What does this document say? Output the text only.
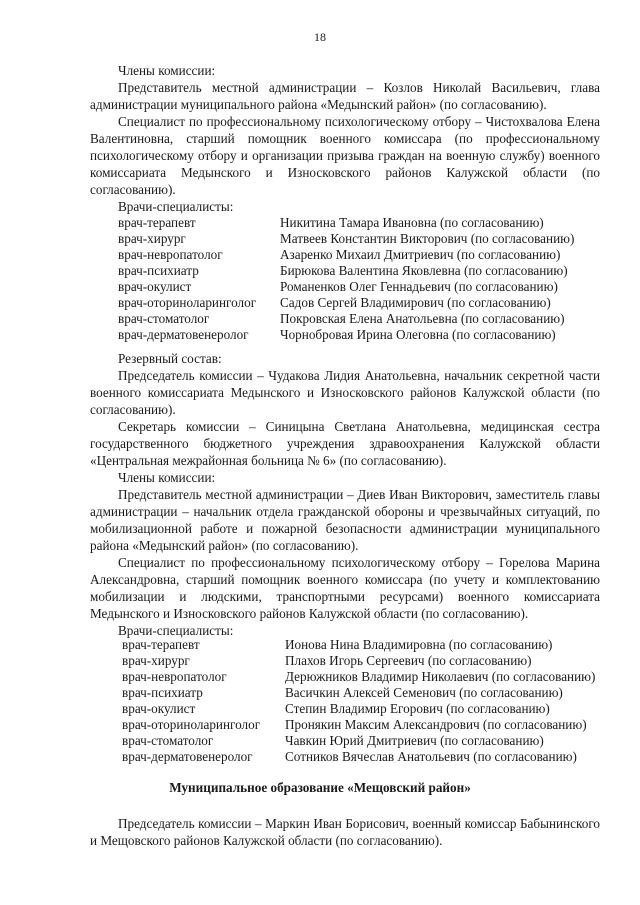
18

Члены комиссии:

Представитель местной администрации – Козлов Николай Васильевич, глава администрации муниципального района «Медынский район» (по согласованию).

Специалист по профессиональному психологическому отбору – Чистохвалова Елена Валентиновна, старший помощник военного комиссара (по профессиональному психологическому отбору и организации призыва граждан на военную службу) военного комиссариата Медынского и Износковского районов Калужской области (по согласованию).

Врачи-специалисты:

врач-терапевт	Никитина Тамара Ивановна (по согласованию)
врач-хирург	Матвеев Константин Викторович (по согласованию)
врач-невропатолог	Азаренко Михаил Дмитриевич (по согласованию)
врач-психиатр	Бирюкова Валентина Яковлевна (по согласованию)
врач-окулист	Романенков Олег Геннадьевич (по согласованию)
врач-оториноларинголог	Садов Сергей Владимирович (по согласованию)
врач-стоматолог	Покровская Елена Анатольевна (по согласованию)
врач-дерматовенеролог	Чорнобровая Ирина Олеговна (по согласованию)

Резервный состав:

Председатель комиссии – Чудакова Лидия Анатольевна, начальник секретной части военного комиссариата Медынского и Износковского районов Калужской области (по согласованию).

Секретарь комиссии – Синицына Светлана Анатольевна, медицинская сестра государственного бюджетного учреждения здравоохранения Калужской области «Центральная межрайонная больница № 6» (по согласованию).

Члены комиссии:

Представитель местной администрации – Диев Иван Викторович, заместитель главы администрации – начальник отдела гражданской обороны и чрезвычайных ситуаций, по мобилизационной работе и пожарной безопасности администрации муниципального района «Медынский район» (по согласованию).

Специалист по профессиональному психологическому отбору – Горелова Марина Александровна, старший помощник военного комиссара (по учету и комплектованию мобилизации и людскими, транспортными ресурсами) военного комиссариата Медынского и Износковского районов Калужской области (по согласованию).

Врачи-специалисты:

врач-терапевт	Ионова Нина Владимировна (по согласованию)
врач-хирург	Плахов Игорь Сергеевич (по согласованию)
врач-невропатолог	Дерюжников Владимир Николаевич (по согласованию)
врач-психиатр	Васичкин Алексей Семенович (по согласованию)
врач-окулист	Степин Владимир Егорович (по согласованию)
врач-оториноларинголог	Пронякин Максим Александрович (по согласованию)
врач-стоматолог	Чавкин Юрий Дмитриевич (по согласованию)
врач-дерматовенеролог	Сотников Вячеслав Анатольевич (по согласованию)
Муниципальное образование «Мещовский район»

Председатель комиссии – Маркин Иван Борисович, военный комиссар Бабынинского и Мещовского районов Калужской области (по согласованию).
